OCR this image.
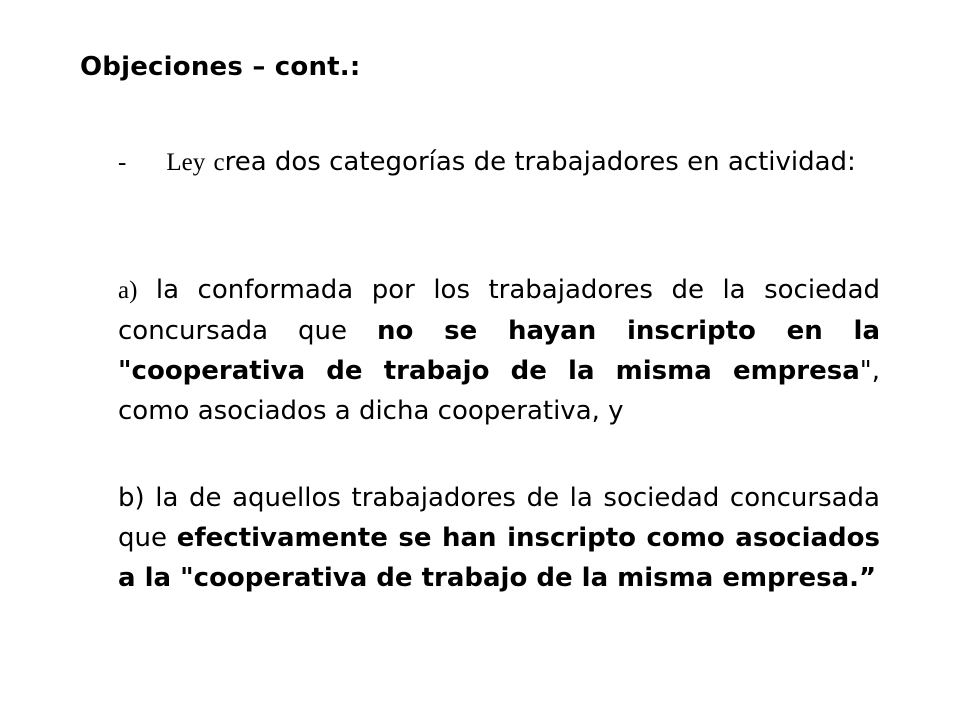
Objeciones – cont.:
- Ley crea dos categorías de trabajadores en actividad:
a) la conformada por los trabajadores de la sociedad concursada que no se hayan inscripto en la "cooperativa de trabajo de la misma empresa", como asociados a dicha cooperativa, y
b) la de aquellos trabajadores de la sociedad concursada que efectivamente se han inscripto como asociados a la "cooperativa de trabajo de la misma empresa.”
